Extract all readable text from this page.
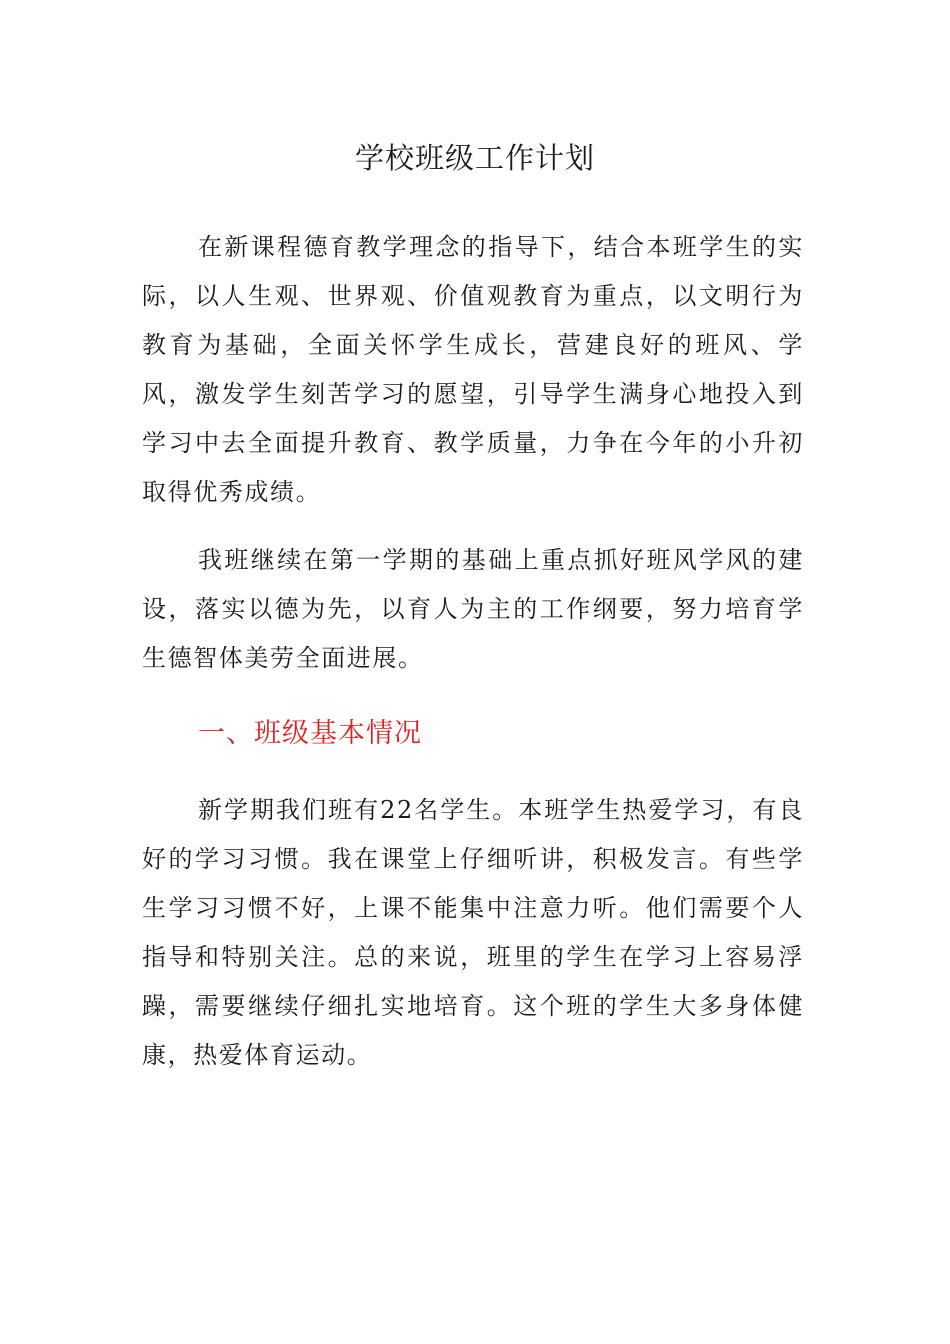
学校班级工作计划

在新课程德育教学理念的指导下，结合本班学生的实际，以人生观、世界观、价值观教育为重点，以文明行为教育为基础，全面关怀学生成长，营建良好的班风、学风，激发学生刻苦学习的愿望，引导学生满身心地投入到学习中去全面提升教育、教学质量，力争在今年的小升初取得优秀成绩。

我班继续在第一学期的基础上重点抓好班风学风的建设，落实以德为先，以育人为主的工作纲要，努力培育学生德智体美劳全面进展。

一、班级基本情况

新学期我们班有22名学生。本班学生热爱学习，有良好的学习习惯。我在课堂上仔细听讲，积极发言。有些学生学习习惯不好，上课不能集中注意力听。他们需要个人指导和特别关注。总的来说，班里的学生在学习上容易浮躁，需要继续仔细扎实地培育。这个班的学生大多身体健康，热爱体育运动。
